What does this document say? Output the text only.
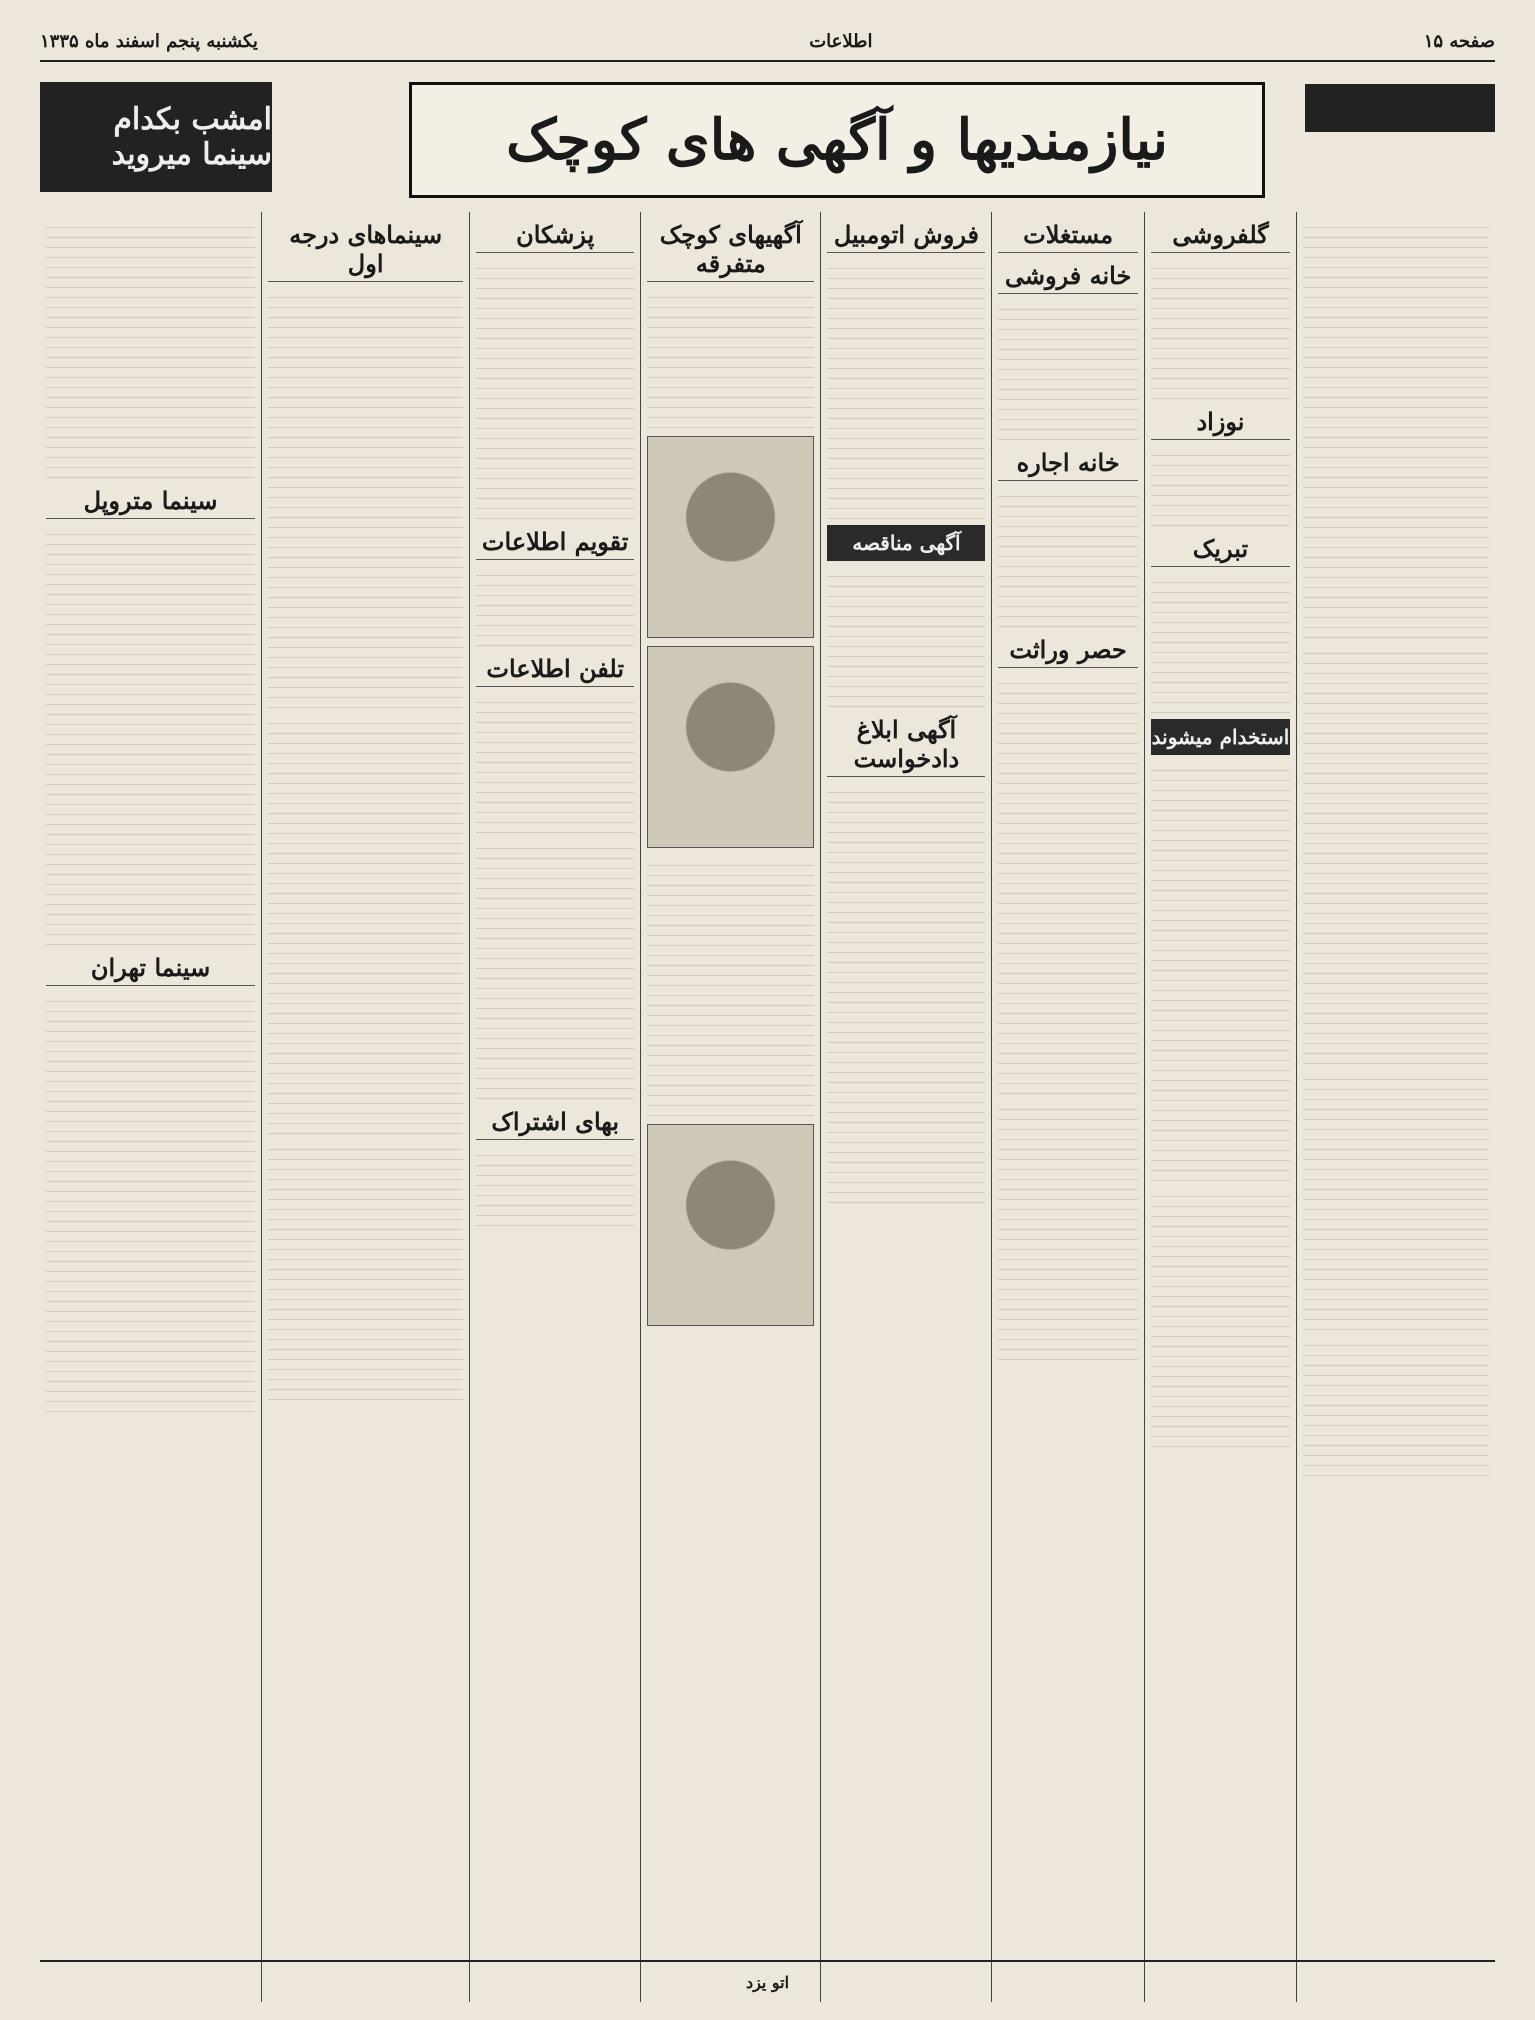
صفحه ۱۵
اطلاعات
یکشنبه پنجم اسفند ماه ۱۳۳۵
نیازمندیها و آگهی های کوچک
امشب بکدام سینما میروید
گلفروشی
نوزاد
تبریک
استخدام میشوند
مستغلات
خانه فروشی
خانه اجاره
حصر وراثت
فروش اتومبیل
آگهی مناقصه
آگهی ابلاغ دادخواست
آگهیهای کوچک متفرقه
پزشکان
تقویم اطلاعات
تلفن اطلاعات
بهای اشتراک
سینماهای درجه اول
سینما متروپل
سینما تهران
اتو یزد
